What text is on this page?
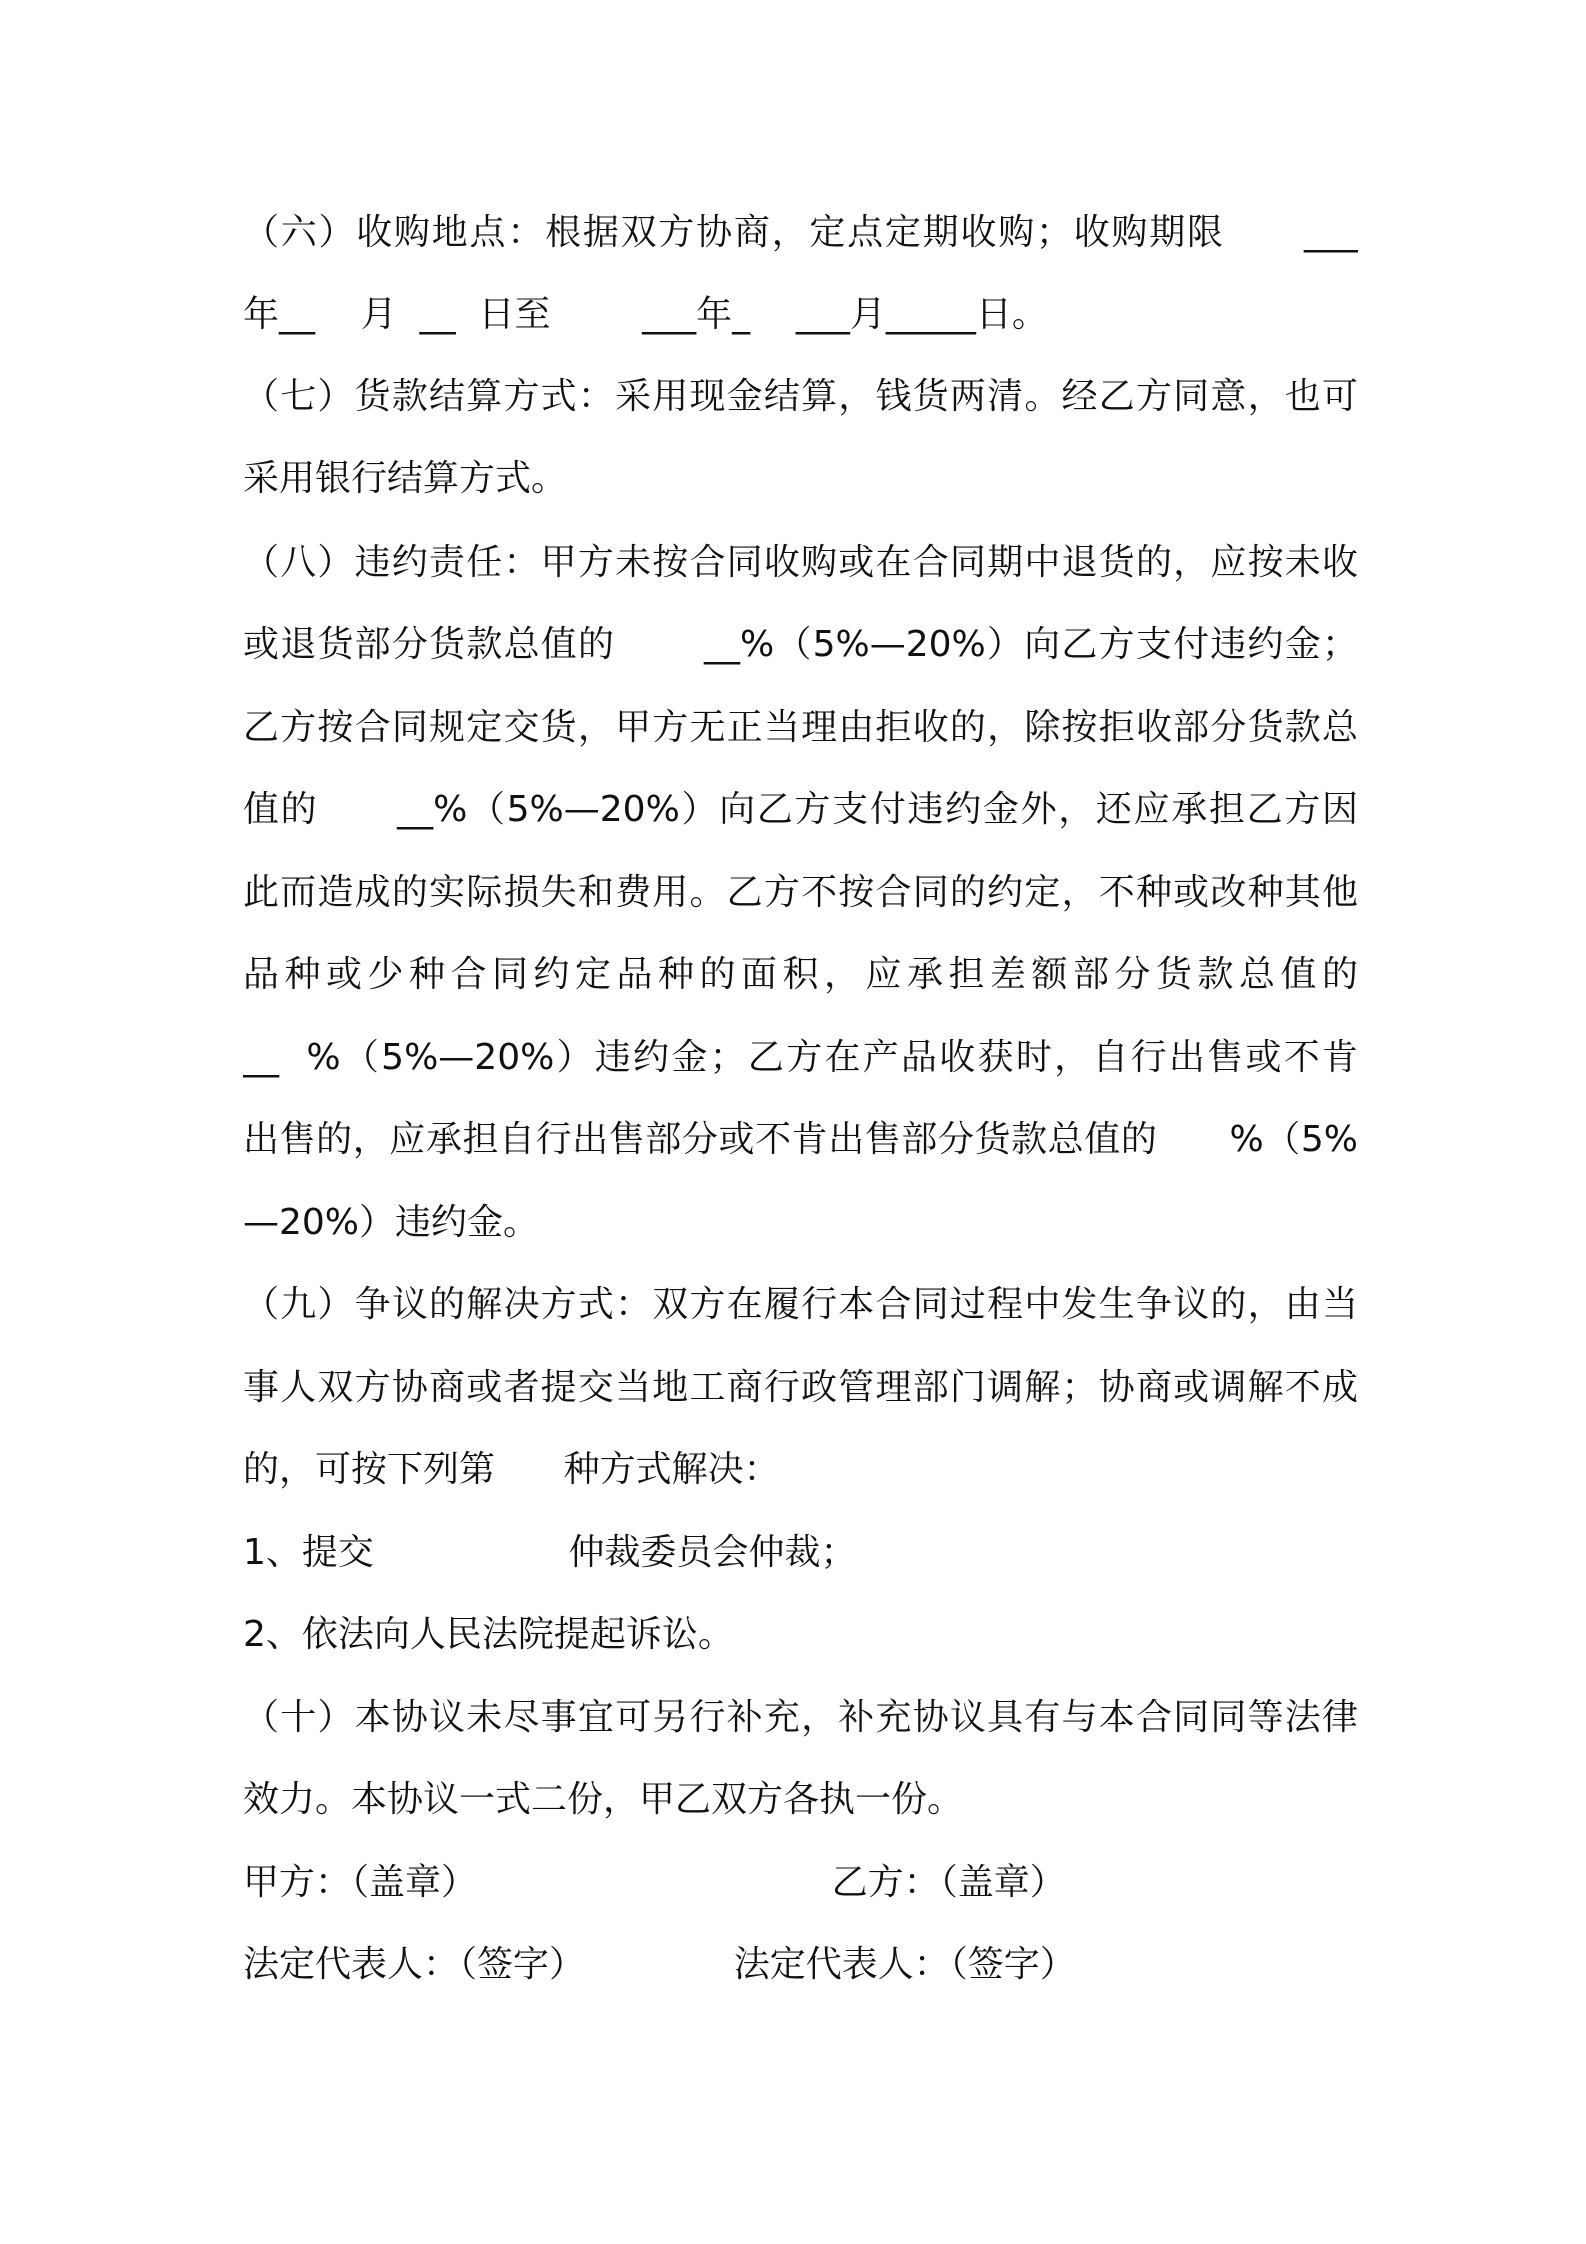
（六）收购地点：根据双方协商，定点定期收购；收购期限      ___
年__    月  __  日至        ___年_    ___月_____日。
（七）货款结算方式：采用现金结算，钱货两清。经乙方同意，也可
采用银行结算方式。
（八）违约责任：甲方未按合同收购或在合同期中退货的，应按未收
或退货部分货款总值的       __%（5%—20%）向乙方支付违约金；
乙方按合同规定交货，甲方无正当理由拒收的，除按拒收部分货款总
值的      __%（5%—20%）向乙方支付违约金外，还应承担乙方因
此而造成的实际损失和费用。乙方不按合同的约定，不种或改种其他
品种或少种合同约定品种的面积，应承担差额部分货款总值的
__  %（5%—20%）违约金；乙方在产品收获时，自行出售或不肯
出售的，应承担自行出售部分或不肯出售部分货款总值的      %（5%
—20%）违约金。
（九）争议的解决方式：双方在履行本合同过程中发生争议的，由当
事人双方协商或者提交当地工商行政管理部门调解；协商或调解不成
的，可按下列第      种方式解决：
1、提交                 仲裁委员会仲裁；
2、依法向人民法院提起诉讼。
（十）本协议未尽事宜可另行补充，补充协议具有与本合同同等法律
效力。本协议一式二份，甲乙双方各执一份。
甲方：（盖章）                               乙方：（盖章）
法定代表人：（签字）             法定代表人：（签字）
